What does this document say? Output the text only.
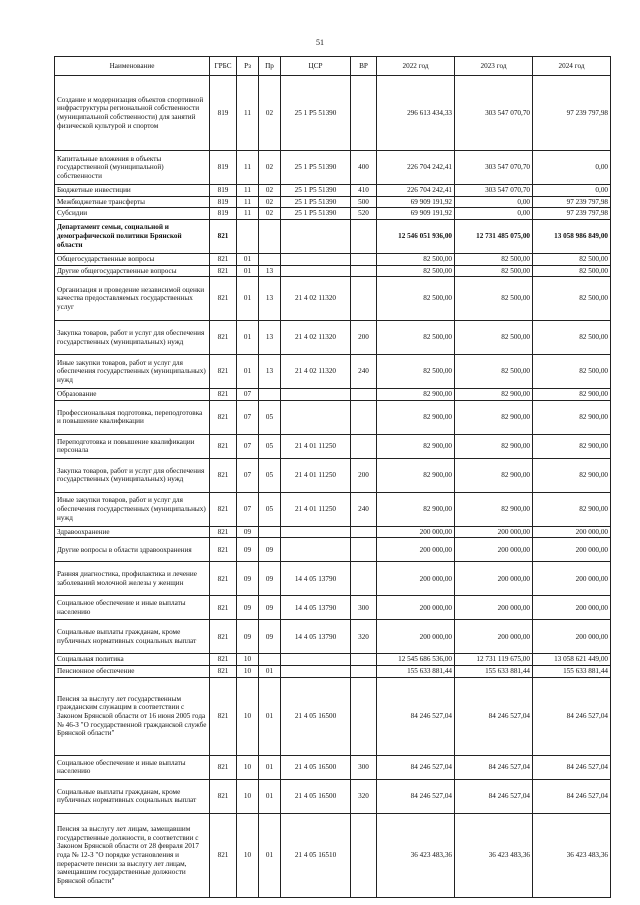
51
Наименование	ГРБС	Рз	Пр	ЦСР	ВР	2022 год	2023 год	2024 год
Создание и модернизация объектов спортивной инфраструктуры региональной собственности (муниципальной собственности) для занятий физической культурой и спортом	819	11	02	25 1 P5 51390		296 613 434,33	303 547 070,70	97 239 797,98
Капитальные вложения в объекты государственной (муниципальной) собственности	819	11	02	25 1 P5 51390	400	226 704 242,41	303 547 070,70	0,00
Бюджетные инвестиции	819	11	02	25 1 P5 51390	410	226 704 242,41	303 547 070,70	0,00
Межбюджетные трансферты	819	11	02	25 1 P5 51390	500	69 909 191,92	0,00	97 239 797,98
Субсидии	819	11	02	25 1 P5 51390	520	69 909 191,92	0,00	97 239 797,98
Департамент семьи, социальной и демографической политики Брянской области	821					12 546 051 936,00	12 731 485 075,00	13 058 986 849,00
Общегосударственные вопросы	821	01				82 500,00	82 500,00	82 500,00
Другие общегосударственные вопросы	821	01	13			82 500,00	82 500,00	82 500,00
Организация и проведение независимой оценки качества предоставляемых государственных услуг	821	01	13	21 4 02 11320		82 500,00	82 500,00	82 500,00
Закупка товаров, работ и услуг для обеспечения государственных (муниципальных) нужд	821	01	13	21 4 02 11320	200	82 500,00	82 500,00	82 500,00
Иные закупки товаров, работ и услуг для обеспечения государственных (муниципальных) нужд	821	01	13	21 4 02 11320	240	82 500,00	82 500,00	82 500,00
Образование	821	07				82 900,00	82 900,00	82 900,00
Профессиональная подготовка, переподготовка и повышение квалификации	821	07	05			82 900,00	82 900,00	82 900,00
Переподготовка и повышение квалификации персонала	821	07	05	21 4 01 11250		82 900,00	82 900,00	82 900,00
Закупка товаров, работ и услуг для обеспечения государственных (муниципальных) нужд	821	07	05	21 4 01 11250	200	82 900,00	82 900,00	82 900,00
Иные закупки товаров, работ и услуг для обеспечения государственных (муниципальных) нужд	821	07	05	21 4 01 11250	240	82 900,00	82 900,00	82 900,00
Здравоохранение	821	09				200 000,00	200 000,00	200 000,00
Другие вопросы в области здравоохранения	821	09	09			200 000,00	200 000,00	200 000,00
Ранняя диагностика, профилактика и лечение заболеваний молочной железы у женщин	821	09	09	14 4 05 13790		200 000,00	200 000,00	200 000,00
Социальное обеспечение и иные выплаты населению	821	09	09	14 4 05 13790	300	200 000,00	200 000,00	200 000,00
Социальные выплаты гражданам, кроме публичных нормативных социальных выплат	821	09	09	14 4 05 13790	320	200 000,00	200 000,00	200 000,00
Социальная политика	821	10				12 545 686 536,00	12 731 119 675,00	13 058 621 449,00
Пенсионное обеспечение	821	10	01			155 633 881,44	155 633 881,44	155 633 881,44
Пенсия за выслугу лет государственным гражданским служащим в соответствии с Законом Брянской области от 16 июня 2005 года № 46-З "О государственной гражданской службе Брянской области"	821	10	01	21 4 05 16500		84 246 527,04	84 246 527,04	84 246 527,04
Социальное обеспечение и иные выплаты населению	821	10	01	21 4 05 16500	300	84 246 527,04	84 246 527,04	84 246 527,04
Социальные выплаты гражданам, кроме публичных нормативных социальных выплат	821	10	01	21 4 05 16500	320	84 246 527,04	84 246 527,04	84 246 527,04
Пенсия за выслугу лет лицам, замещавшим государственные должности, в соответствии с Законом Брянской области от 28 февраля 2017 года № 12-З "О порядке установления и перерасчете пенсии за выслугу лет лицам, замещавшим государственные должности Брянской области"	821	10	01	21 4 05 16510		36 423 483,36	36 423 483,36	36 423 483,36
